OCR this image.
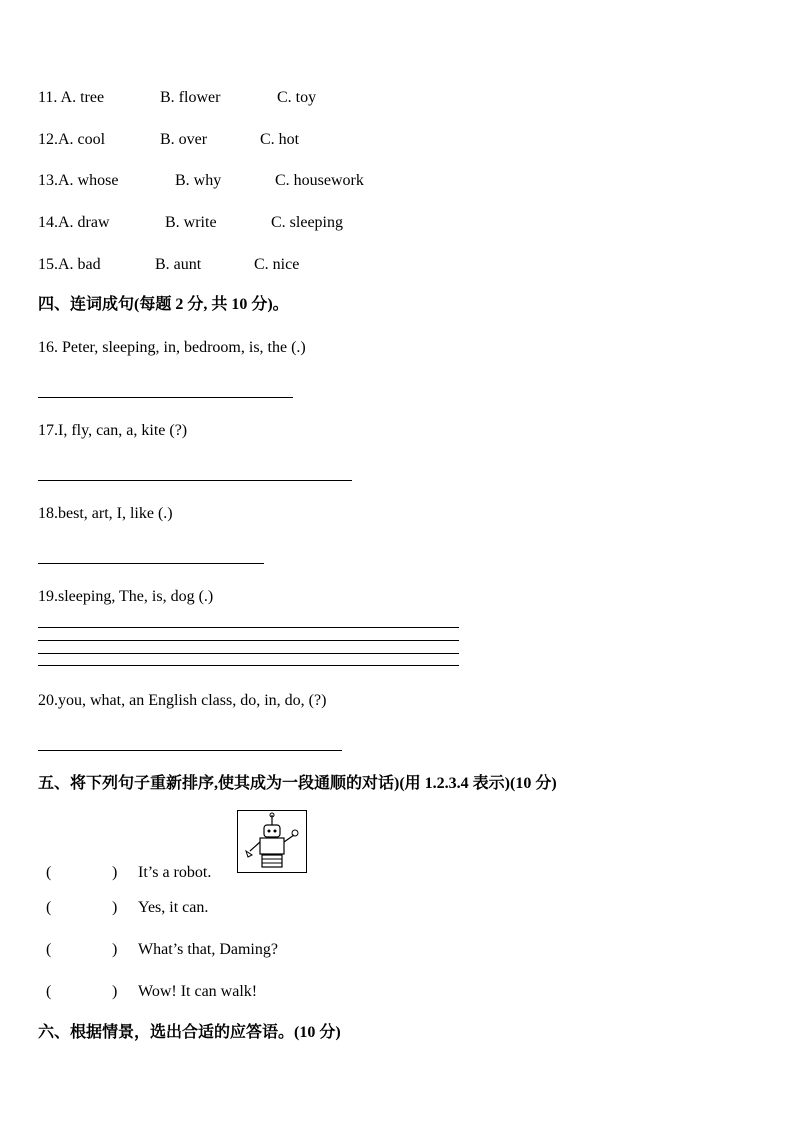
11. A. tree	B. flower	C. toy
12.A. cool	B. over	C. hot
13.A. whose	B. why	C. housework
14.A. draw	B. write	C. sleeping
15.A. bad	B. aunt	C. nice
四、连词成句(每题 2 分, 共 10 分)。
16. Peter, sleeping, in, bedroom, is, the (.)
17.I, fly, can, a, kite (?)
18.best, art, I, like (.)
19.sleeping, The, is, dog (.)
20.you, what, an English class, do, in, do, (?)
五、将下列句子重新排序,使其成为一段通顺的对话)(用 1.2.3.4 表示)(10 分)
(	) It’s a robot.
(	) Yes, it can.
(	) What’s that, Daming?
(	) Wow! It can walk!
六、根据情景，选出合适的应答语。(10 分)
